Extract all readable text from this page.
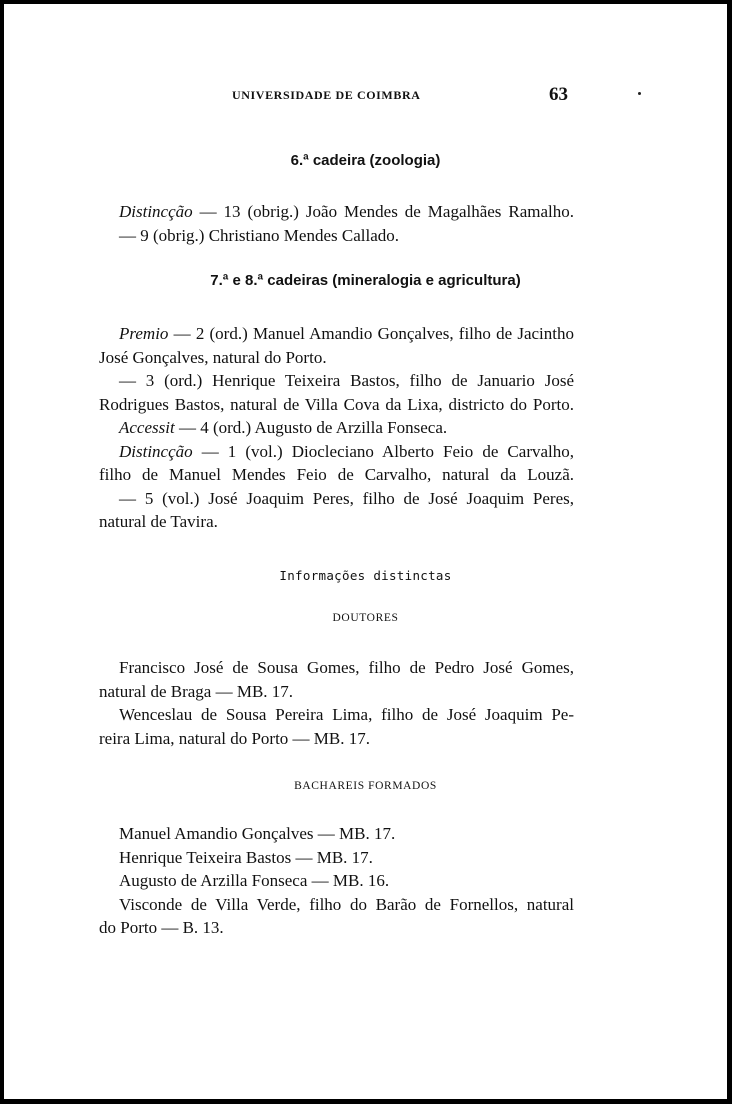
UNIVERSIDADE DE COIMBRA	63
6.ª cadeira (zoologia)
Distincção — 13 (obrig.) João Mendes de Magalhães Ramalho.
— 9 (obrig.) Christiano Mendes Callado.
7.ª e 8.ª cadeiras (mineralogia e agricultura)
Premio — 2 (ord.) Manuel Amandio Gonçalves, filho de Jacintho
José Gonçalves, natural do Porto.
— 3 (ord.) Henrique Teixeira Bastos, filho de Januario José
Rodrigues Bastos, natural de Villa Cova da Lixa, districto do Porto.
Accessit — 4 (ord.) Augusto de Arzilla Fonseca.
Distincção — 1 (vol.) Diocleciano Alberto Feio de Carvalho,
filho de Manuel Mendes Feio de Carvalho, natural da Louzã.
— 5 (vol.) José Joaquim Peres, filho de José Joaquim Peres,
natural de Tavira.
Informações distinctas
DOUTORES
Francisco José de Sousa Gomes, filho de Pedro José Gomes,
natural de Braga — MB. 17.
Wenceslau de Sousa Pereira Lima, filho de José Joaquim Pe-
reira Lima, natural do Porto — MB. 17.
BACHAREIS FORMADOS
Manuel Amandio Gonçalves — MB. 17.
Henrique Teixeira Bastos — MB. 17.
Augusto de Arzilla Fonseca — MB. 16.
Visconde de Villa Verde, filho do Barão de Fornellos, natural
do Porto — B. 13.
